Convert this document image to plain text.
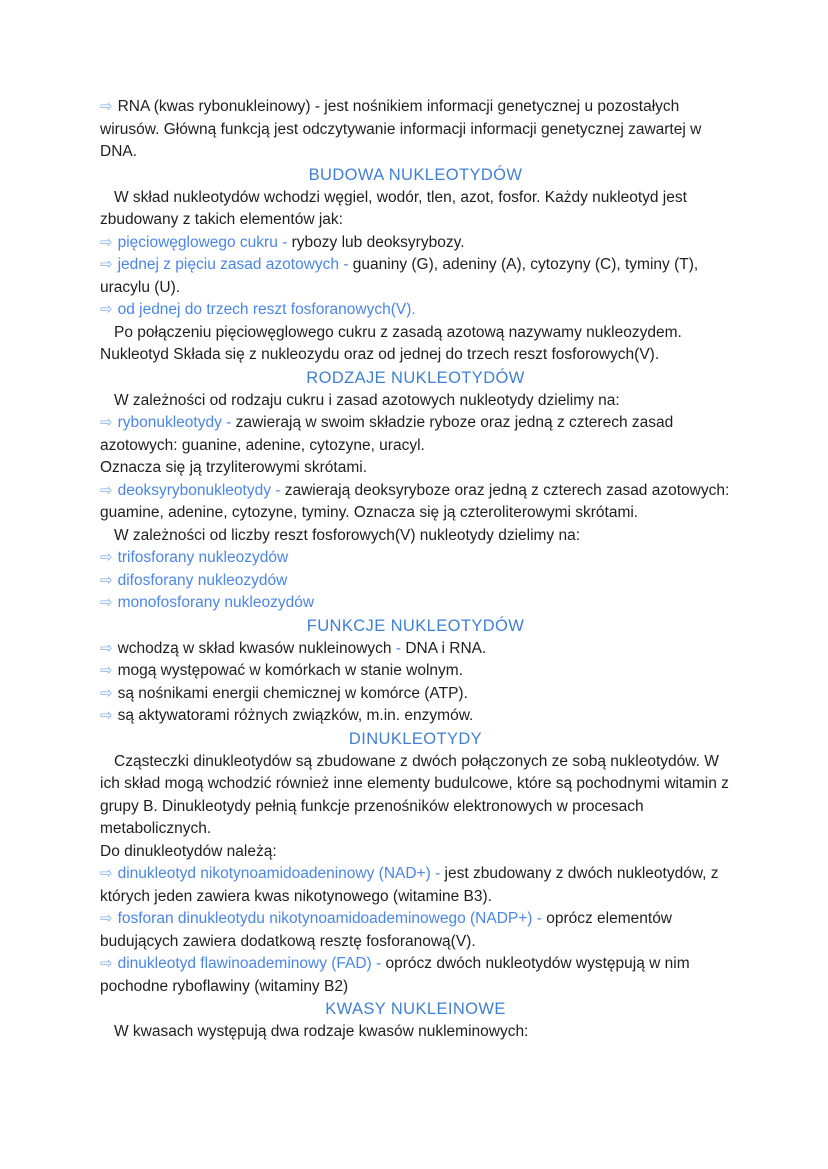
⇨ RNA (kwas rybonukleinowy) - jest nośnikiem informacji genetycznej u pozostałych wirusów. Główną funkcją jest odczytywanie informacji informacji genetycznej zawartej w DNA.

BUDOWA NUKLEOTYDÓW

W skład nukleotydów wchodzi węgiel, wodór, tlen, azot, fosfor. Każdy nukleotyd jest zbudowany z takich elementów jak:

⇨ pięciowęglowego cukru - rybozy lub deoksyrybozy.

⇨ jednej z pięciu zasad azotowych - guaniny (G), adeniny (A), cytozyny (C), tyminy (T), uracylu (U).

⇨ od jednej do trzech reszt fosforanowych(V).

Po połączeniu pięciowęglowego cukru z zasadą azotową nazywamy nukleozydem. Nukleotyd Składa się z nukleozydu oraz od jednej do trzech reszt fosforowych(V).

RODZAJE NUKLEOTYDÓW

W zależności od rodzaju cukru i zasad azotowych nukleotydy dzielimy na:

⇨ rybonukleotydy - zawierają w swoim składzie ryboze oraz jedną z czterech zasad azotowych: guanine, adenine, cytozyne, uracyl.

Oznacza się ją trzyliterowymi skrótami.

⇨ deoksyrybonukleotydy - zawierają deoksyryboze oraz jedną z czterech zasad azotowych: guamine, adenine, cytozyne, tyminy. Oznacza się ją czteroliterowymi skrótami.

W zależności od liczby reszt fosforowych(V) nukleotydy dzielimy na:

⇨ trifosforany nukleozydów

⇨ difosforany nukleozydów

⇨ monofosforany nukleozydów

FUNKCJE NUKLEOTYDÓW

⇨ wchodzą w skład kwasów nukleinowych - DNA i RNA.

⇨ mogą występować w komórkach w stanie wolnym.

⇨ są nośnikami energii chemicznej w komórce (ATP).

⇨ są aktywatorami różnych związków, m.in. enzymów.

DINUKLEOTYDY

Cząsteczki dinukleotydów są zbudowane z dwóch połączonych ze sobą nukleotydów. W ich skład mogą wchodzić również inne elementy budulcowe, które są pochodnymi witamin z grupy B. Dinukleotydy pełnią funkcje przenośników elektronowych w procesach metabolicznych.

Do dinukleotydów należą:

⇨ dinukleotyd nikotynoamidoadeninowy (NAD+) - jest zbudowany z dwóch nukleotydów, z których jeden zawiera kwas nikotynowego (witamine B3).

⇨ fosforan dinukleotydu nikotynoamidoademinowego (NADP+) - oprócz elementów budujących zawiera dodatkową resztę fosforanową(V).

⇨ dinukleotyd flawinoademinowy (FAD) - oprócz dwóch nukleotydów występują w nim pochodne ryboflawiny (witaminy B2)

KWASY NUKLEINOWE

W kwasach występują dwa rodzaje kwasów nukleminowych:
